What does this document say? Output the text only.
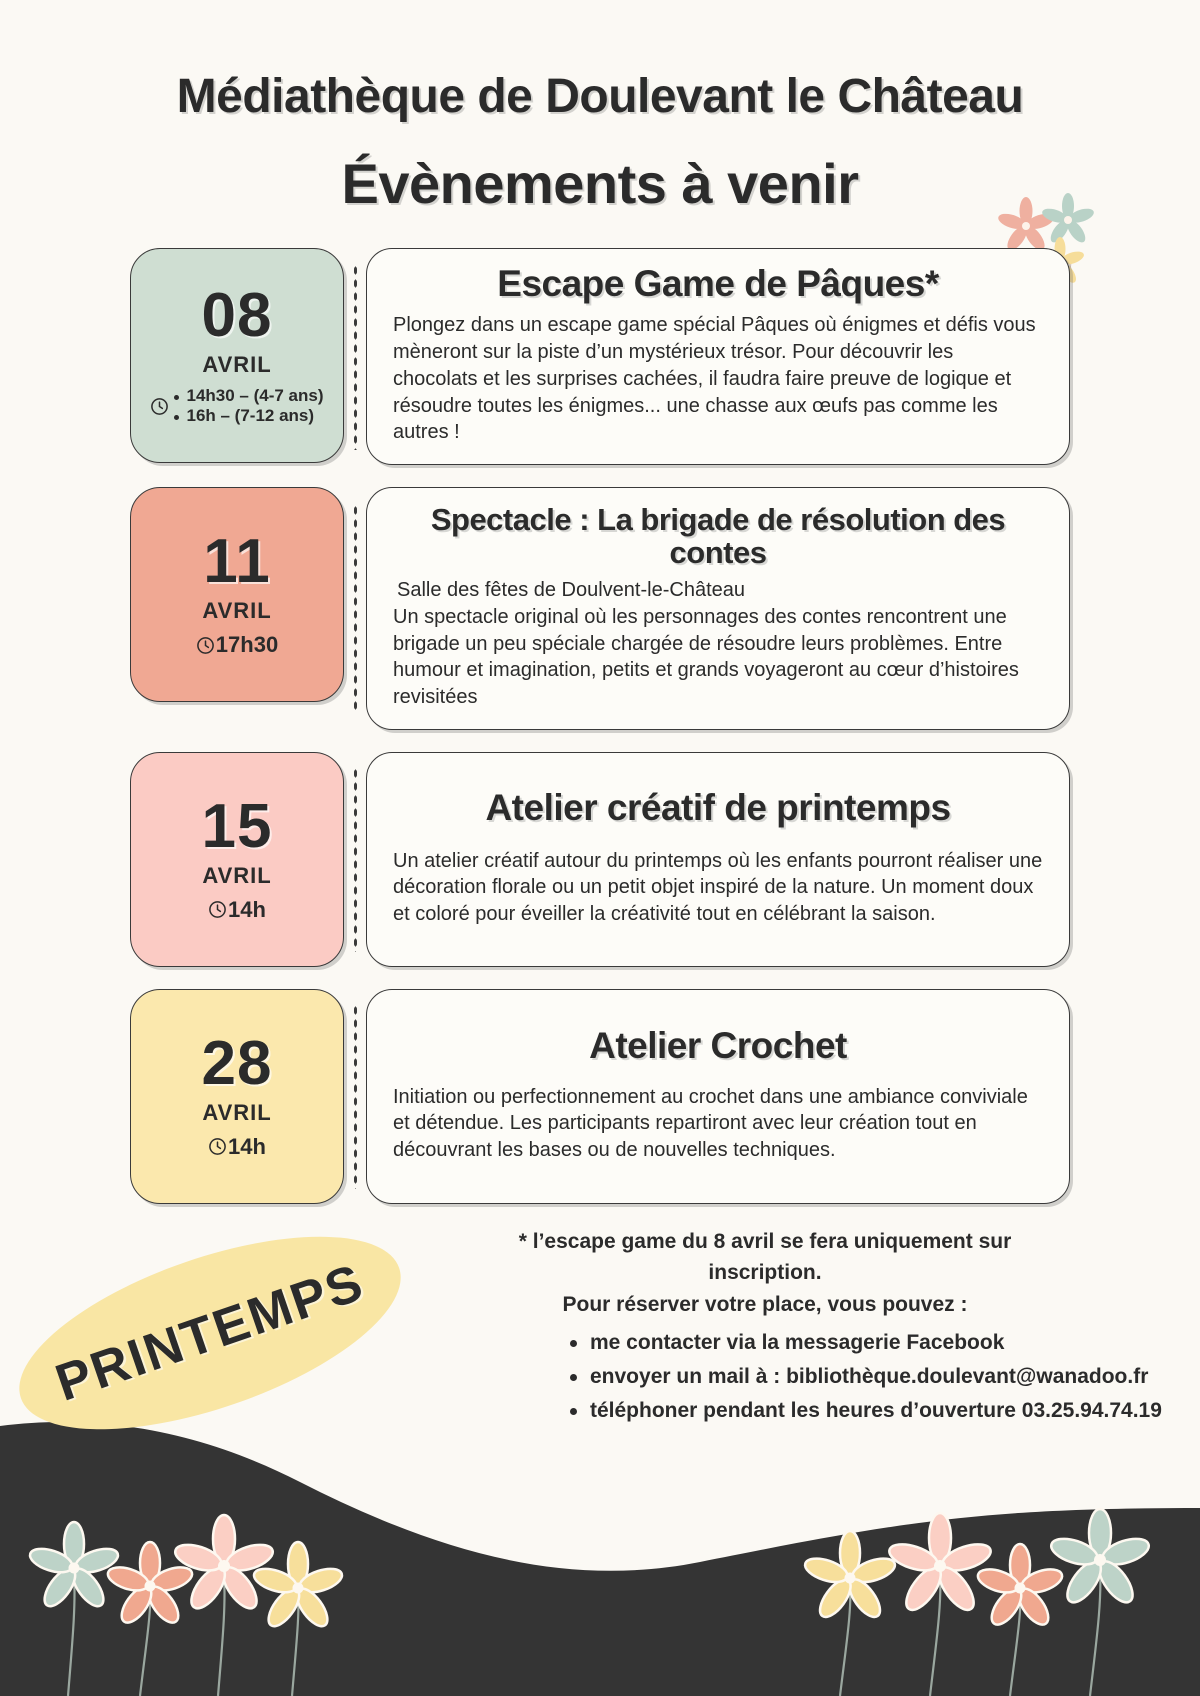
Médiathèque de Doulevant le Château
Évènements à venir
08
AVRIL
14h30 – (4-7 ans)
16h – (7-12 ans)
Escape Game de Pâques*
Plongez dans un escape game spécial Pâques où énigmes et défis vous mèneront sur la piste d’un mystérieux trésor. Pour découvrir les chocolats et les surprises cachées, il faudra faire preuve de logique et résoudre toutes les énigmes... une chasse aux œufs pas comme les autres !
11
AVRIL
17h30
Spectacle : La brigade de résolution des contes
Salle des fêtes de Doulvent-le-Château
Un spectacle original où les personnages des contes rencontrent une brigade un peu spéciale chargée de résoudre leurs problèmes. Entre humour et imagination, petits et grands voyageront au cœur d’histoires revisitées
15
AVRIL
14h
Atelier créatif de printemps
Un atelier créatif autour du printemps où les enfants pourront réaliser une décoration florale ou un petit objet inspiré de la nature. Un moment doux et coloré pour éveiller la créativité tout en célébrant la saison.
28
AVRIL
14h
Atelier Crochet
Initiation ou perfectionnement au crochet dans une ambiance conviviale et détendue. Les participants repartiront avec leur création tout en découvrant les bases ou de nouvelles techniques.
* l’escape game du 8 avril se fera uniquement sur inscription.
Pour réserver votre place, vous pouvez :
me contacter via la messagerie Facebook
envoyer un mail à : bibliothèque.doulevant@wanadoo.fr
téléphoner pendant les heures d’ouverture 03.25.94.74.19
PRINTEMPS
